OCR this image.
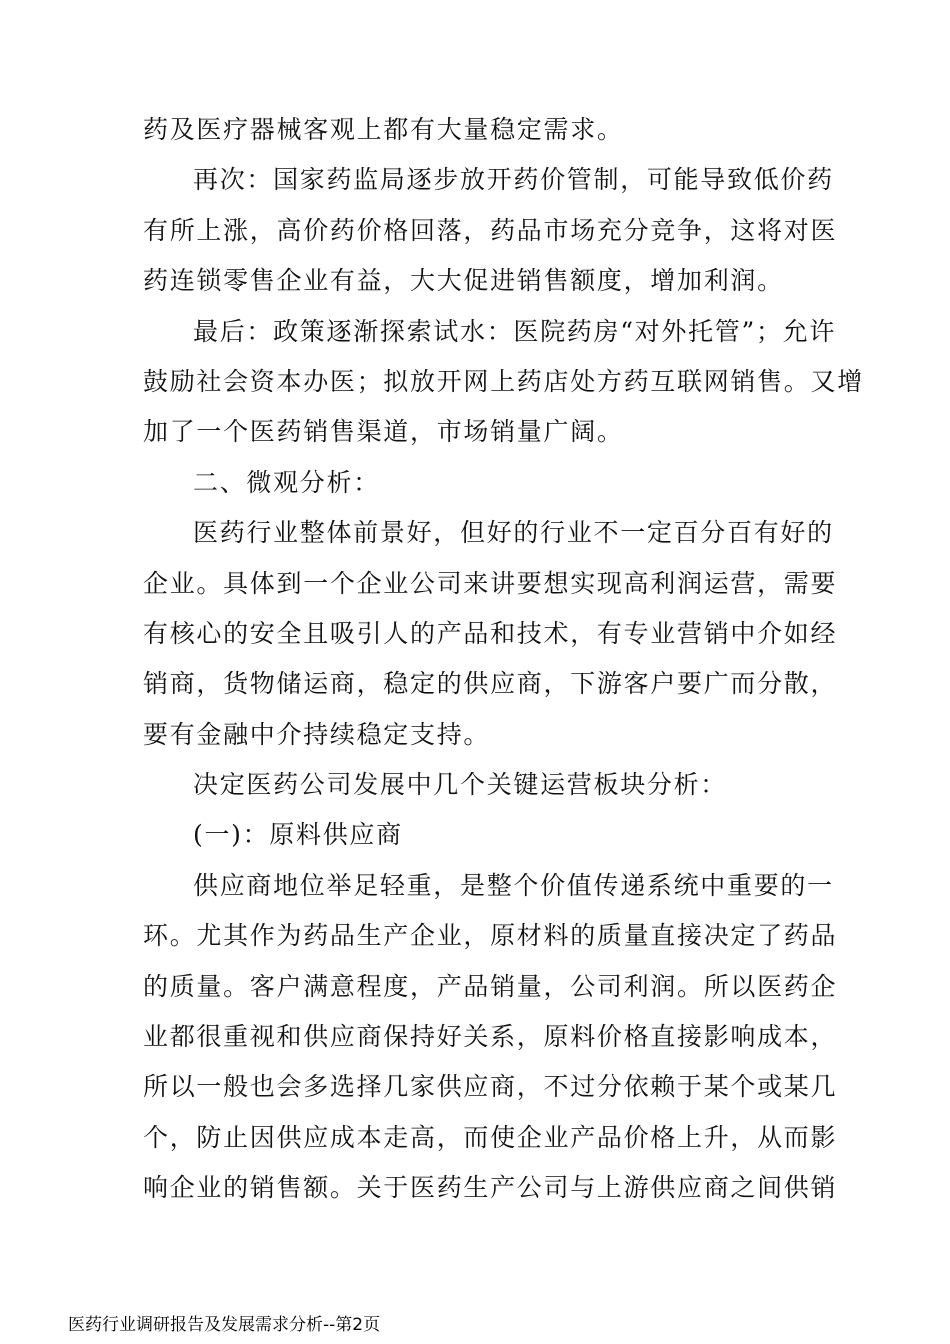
药及医疗器械客观上都有大量稳定需求。
再次：国家药监局逐步放开药价管制，可能导致低价药
有所上涨，高价药价格回落，药品市场充分竞争，这将对医
药连锁零售企业有益，大大促进销售额度，增加利润。
最后：政策逐渐探索试水：医院药房“对外托管”；允许
鼓励社会资本办医；拟放开网上药店处方药互联网销售。又增
加了一个医药销售渠道，市场销量广阔。
二、微观分析：
医药行业整体前景好，但好的行业不一定百分百有好的
企业。具体到一个企业公司来讲要想实现高利润运营，需要
有核心的安全且吸引人的产品和技术，有专业营销中介如经
销商，货物储运商，稳定的供应商，下游客户要广而分散，
要有金融中介持续稳定支持。
决定医药公司发展中几个关键运营板块分析：
(一)：原料供应商
供应商地位举足轻重，是整个价值传递系统中重要的一
环。尤其作为药品生产企业，原材料的质量直接决定了药品
的质量。客户满意程度，产品销量，公司利润。所以医药企
业都很重视和供应商保持好关系，原料价格直接影响成本，
所以一般也会多选择几家供应商，不过分依赖于某个或某几
个，防止因供应成本走高，而使企业产品价格上升，从而影
响企业的销售额。关于医药生产公司与上游供应商之间供销
医药行业调研报告及发展需求分析--第2页
